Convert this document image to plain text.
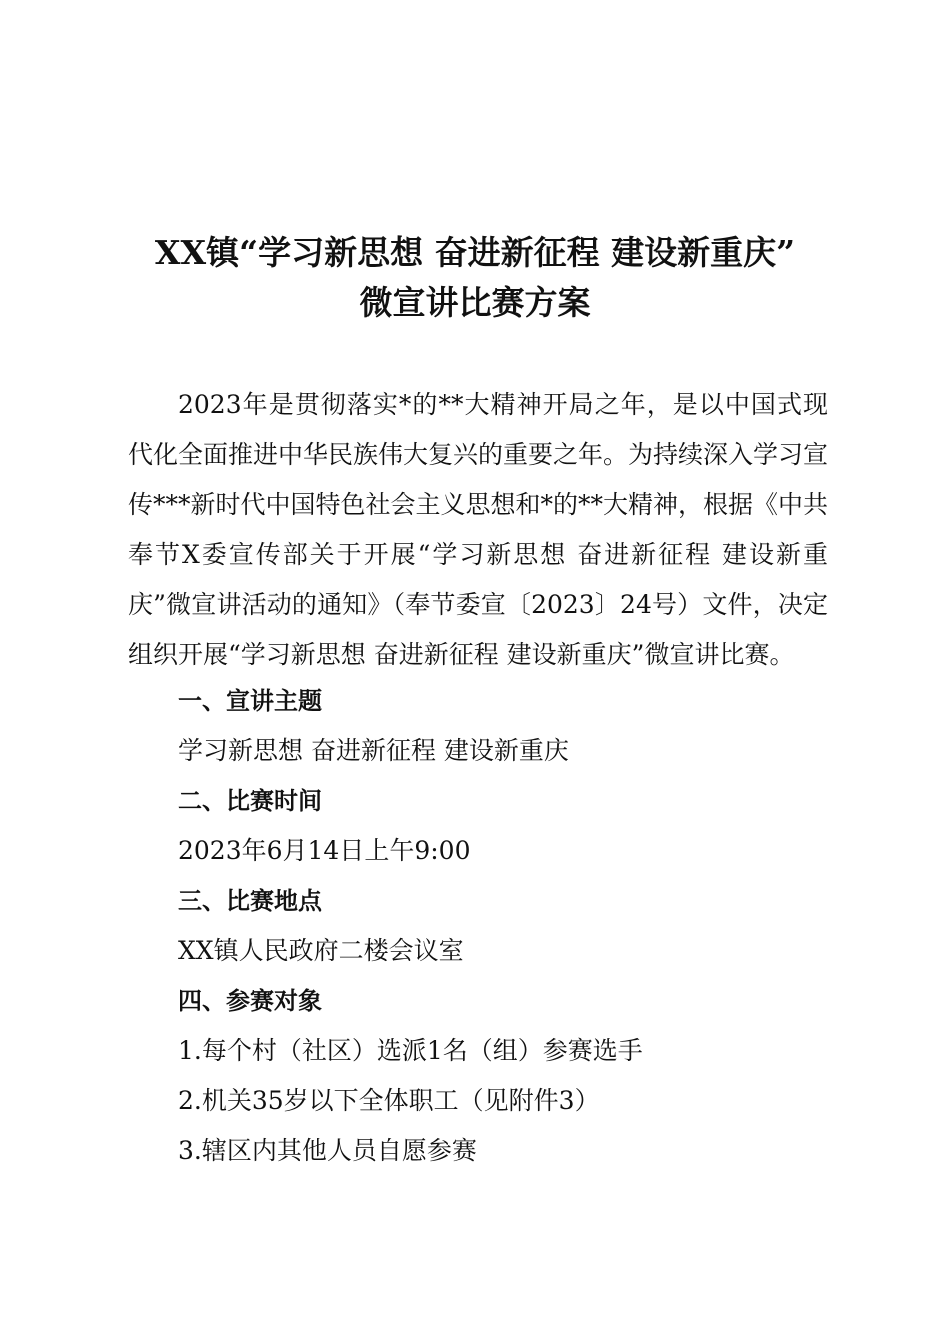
XX镇“学习新思想 奋进新征程 建设新重庆”
微宣讲比赛方案
2023年是贯彻落实*的**大精神开局之年，是以中国式现代化全面推进中华民族伟大复兴的重要之年。为持续深入学习宣传***新时代中国特色社会主义思想和*的**大精神，根据《中共奉节X委宣传部关于开展“学习新思想 奋进新征程 建设新重庆”微宣讲活动的通知》（奉节委宣〔2023〕24号）文件，决定组织开展“学习新思想 奋进新征程 建设新重庆”微宣讲比赛。
一、宣讲主题
学习新思想 奋进新征程 建设新重庆
二、比赛时间
2023年6月14日上午9:00
三、比赛地点
XX镇人民政府二楼会议室
四、参赛对象
1.每个村（社区）选派1名（组）参赛选手
2.机关35岁以下全体职工（见附件3）
3.辖区内其他人员自愿参赛
